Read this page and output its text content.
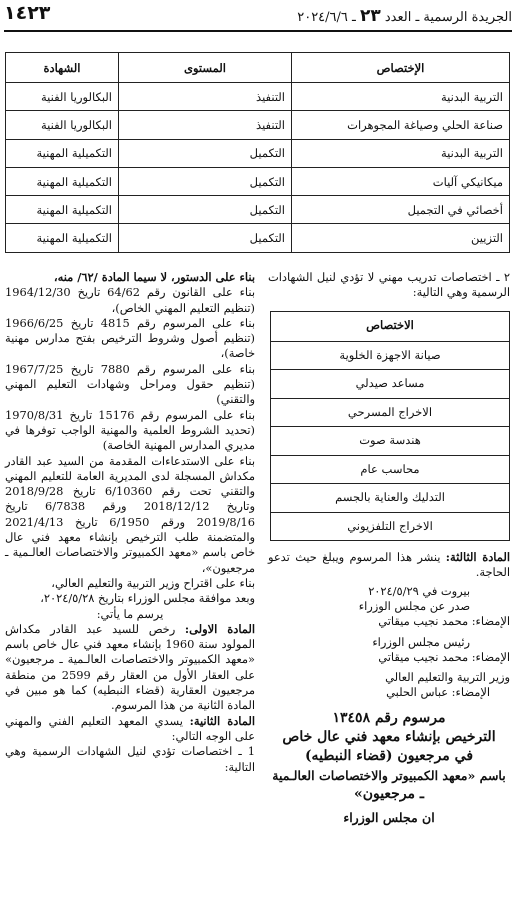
١٤٢٣	الجريدة الرسمية ـ العدد ٢٣ ـ ٢٠٢٤/٦/٦
الإختصاص	المستوى	الشهادة
التربية البدنية	التنفيذ	البكالوريا الفنية
صناعة الحلي وصياغة المجوهرات	التنفيذ	البكالوريا الفنية
التربية البدنية	التكميل	التكميلية المهنية
ميكانيكي آليات	التكميل	التكميلية المهنية
أخصائي في التجميل	التكميل	التكميلية المهنية
التزيين	التكميل	التكميلية المهنية

٢ ـ اختصاصات تدريب مهني لا تؤدي لنيل الشهادات الرسمية وهي التالية:

الاختصاص
صيانة الاجهزة الخلوية
مساعد صيدلي
الاخراج المسرحي
هندسة صوت
محاسب عام
التدليك والعناية بالجسم
الاخراج التلفزيوني

المادة الثالثة: ينشر هذا المرسوم ويبلغ حيث تدعو الحاجة.

بيروت في ٢٠٢٤/٥/٢٩

صدر عن مجلس الوزراء

الإمضاء: محمد نجيب ميقاتي

رئيس مجلس الوزراء

الإمضاء: محمد نجيب ميقاتي

وزير التربية والتعليم العالي

الإمضاء: عباس الحلبي

مرسوم رقم ١٣٤٥٨
الترخيص بإنشاء معهد فني عال خاص
في مرجعيون (قضاء النبطيه)
باسم «معهد الكمبيوتر والاختصاصات العالـمية
ـ مرجعيون»
ان مجلس الوزراء

بناء على الدستور، لا سيما المادة /٦٢/ منه،

بناء على القانون رقم 64/62 تاريخ 1964/12/30 (تنظيم التعليم المهني الخاص)،

بناء على المرسوم رقم 4815 تاريخ 1966/6/25 (تنظيم أصول وشروط الترخيص بفتح مدارس مهنية خاصة)،

بناء على المرسوم رقم 7880 تاريخ 1967/7/25 (تنظيم حقول ومراحل وشهادات التعليم المهني والتقني)

بناء على المرسوم رقم 15176 تاريخ 1970/8/31 (تحديد الشروط العلمية والمهنية الواجب توفرها في مديري المدارس المهنية الخاصة)

بناء على الاستدعاءات المقدمة من السيد عبد القادر مكداش المسجلة لدى المديرية العامة للتعليم المهني والتقني تحت رقم 6/10360 تاريخ 2018/9/28 وتاريخ 2018/12/12 ورقم 6/7838 تاريخ 2019/8/16 ورقم 6/1950 تاريخ 2021/4/13 والمتضمنة طلب الترخيص بإنشاء معهد فني عال خاص باسم «معهد الكمبيوتر والاختصاصات العالـمية ـ مرجعيون»،

بناء على اقتراح وزير التربية والتعليم العالي،

وبعد موافقة مجلس الوزراء بتاريخ ٢٠٢٤/٥/٢٨،

يرسم ما يأتي:

المادة الاولى: رخص للسيد عبد القادر مكداش المولود سنة 1960 بإنشاء معهد فني عال خاص باسم «معهد الكمبيوتر والاختصاصات العالـمية ـ مرجعيون» على العقار الأول من العقار رقم 2599 من منطقة مرجعيون العقارية (قضاء النبطيه) كما هو مبين في المادة الثانية من هذا المرسوم.

المادة الثانية: يسدي المعهد التعليم الفني والمهني على الوجه التالي:

1 ـ اختصاصات تؤدي لنيل الشهادات الرسمية وهي التالية:
